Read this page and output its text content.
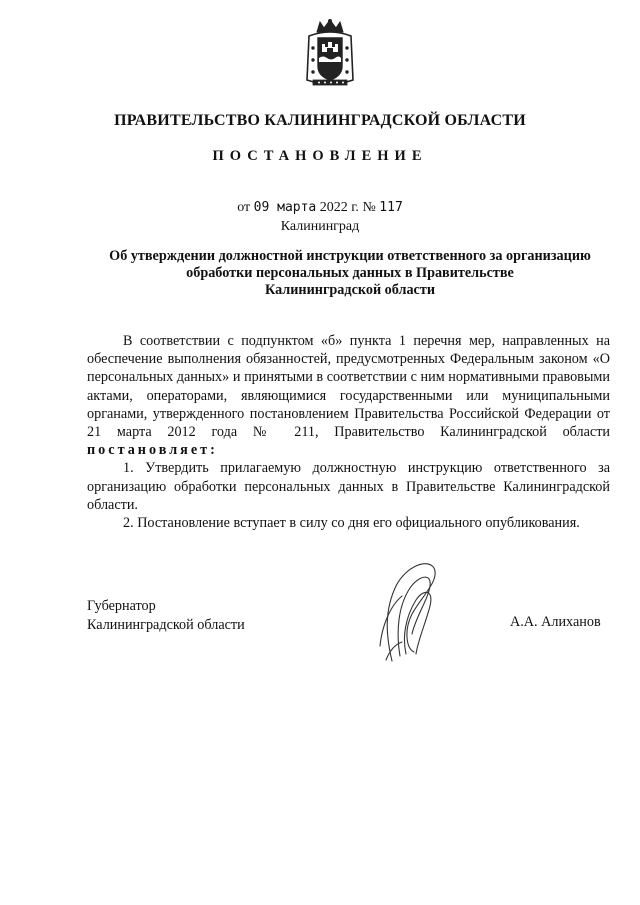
ПРАВИТЕЛЬСТВО КАЛИНИНГРАДСКОЙ ОБЛАСТИ
ПОСТАНОВЛЕНИЕ
от 09 марта 2022 г. № 117
Калининград
Об утверждении должностной инструкции ответственного за организацию
обработки персональных данных в Правительстве
Калининградской области

В соответствии с подпунктом «б» пункта 1 перечня мер, направленных на обеспечение выполнения обязанностей, предусмотренных Федеральным законом «О персональных данных» и принятыми в соответствии с ним нормативными правовыми актами, операторами, являющимися государственными или муниципальными органами, утвержденного постановлением Правительства Российской Федерации от 21 марта 2012 года № 211, Правительство Калининградской области постановляет:

1. Утвердить прилагаемую должностную инструкцию ответственного за организацию обработки персональных данных в Правительстве Калининградской области.

2. Постановление вступает в силу со дня его официального опубликования.

Губернатор
Калининградской области	А.А. Алиханов
